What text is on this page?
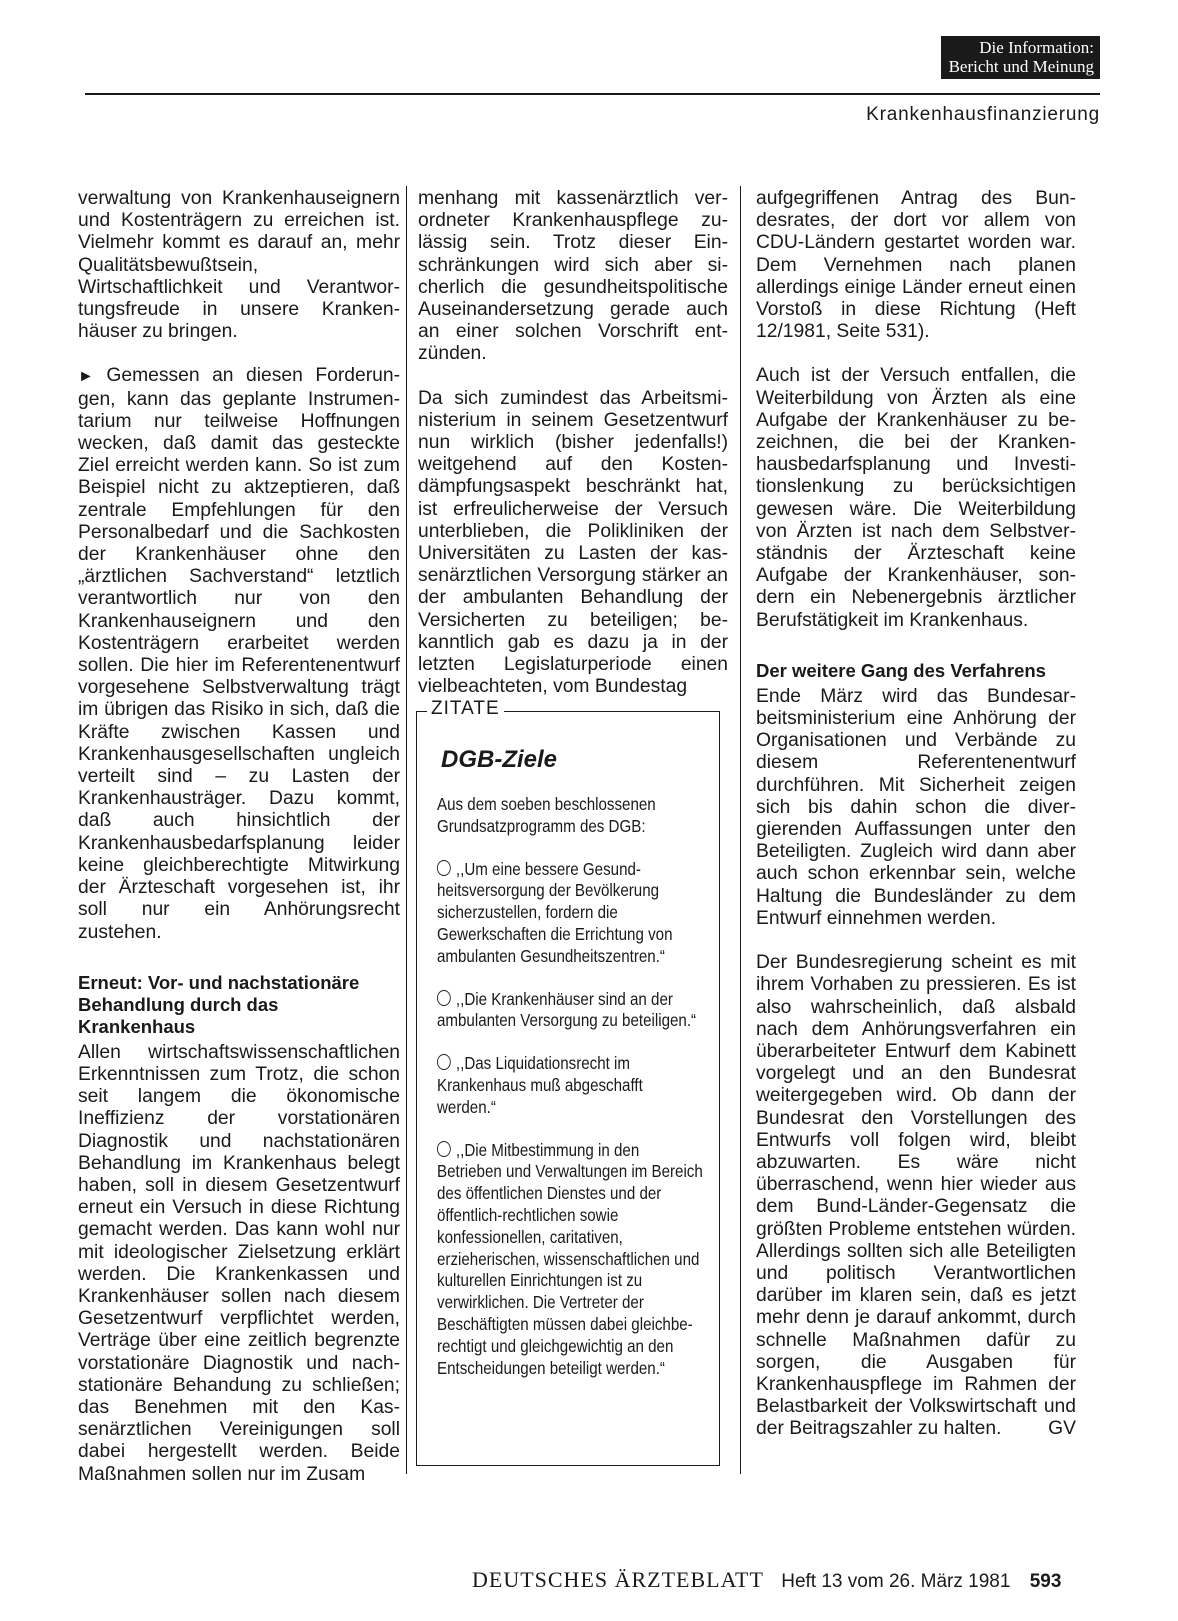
Die Information:
Bericht und Meinung
Krankenhausfinanzierung

verwaltung von Krankenhauseignern und Kostenträgern zu erreichen ist. Vielmehr kommt es darauf an, mehr Qualitätsbewußtsein, Wirtschaftlichkeit und Verantwortungsfreude in unsere Krankenhäuser zu bringen.

► Gemessen an diesen Forderungen, kann das geplante Instrumentarium nur teilweise Hoffnungen wecken, daß damit das gesteckte Ziel erreicht werden kann. So ist zum Beispiel nicht zu aktzeptieren, daß zentrale Empfehlungen für den Personalbedarf und die Sachkosten der Krankenhäuser ohne den „ärztlichen Sachverstand“ letztlich verantwortlich nur von den Krankenhauseignern und den Kostenträgern erarbeitet werden sollen. Die hier im Referentenentwurf vorgesehene Selbstverwaltung trägt im übrigen das Risiko in sich, daß die Kräfte zwischen Kassen und Krankenhausgesellschaften ungleich verteilt sind – zu Lasten der Krankenhausträger. Dazu kommt, daß auch hinsichtlich der Krankenhausbedarfsplanung leider keine gleichberechtigte Mitwirkung der Ärzteschaft vorgesehen ist, ihr soll nur ein Anhörungsrecht zustehen.

Erneut: Vor- und nachstationäre Behandlung durch das Krankenhaus

Allen wirtschaftswissenschaftlichen Erkenntnissen zum Trotz, die schon seit langem die ökonomische Ineffizienz der vorstationären Diagnostik und nachstationären Behandlung im Krankenhaus belegt haben, soll in diesem Gesetzentwurf erneut ein Versuch in diese Richtung gemacht werden. Das kann wohl nur mit ideologischer Zielsetzung erklärt werden. Die Krankenkassen und Krankenhäuser sollen nach diesem Gesetzentwurf verpflichtet werden, Verträge über eine zeitlich begrenzte vorstationäre Diagnostik und nachstationäre Behandung zu schließen; das Benehmen mit den Kassenärztlichen Vereinigungen soll dabei hergestellt werden. Beide Maßnahmen sollen nur im Zusam

menhang mit kassenärztlich verordneter Krankenhauspflege zulässig sein. Trotz dieser Einschränkungen wird sich aber sicherlich die gesundheitspolitische Auseinandersetzung gerade auch an einer solchen Vorschrift entzünden.

Da sich zumindest das Arbeitsministerium in seinem Gesetzentwurf nun wirklich (bisher jedenfalls!) weitgehend auf den Kostendämpfungsaspekt beschränkt hat, ist erfreulicherweise der Versuch unterblieben, die Polikliniken der Universitäten zu Lasten der kassenärztlichen Versorgung stärker an der ambulanten Behandlung der Versicherten zu beteiligen; bekanntlich gab es dazu ja in der letzten Legislaturperiode einen vielbeachteten, vom Bundestag

ZITATE
DGB-Ziele

Aus dem soeben beschlossenen Grundsatzprogramm des DGB:

,,Um eine bessere Gesundheitsversorgung der Bevölkerung sicherzustellen, fordern die Gewerkschaften die Errichtung von ambulanten Gesundheitszentren.“

,,Die Krankenhäuser sind an der ambulanten Versorgung zu beteiligen.“

,,Das Liquidationsrecht im Krankenhaus muß abgeschafft werden.“

,,Die Mitbestimmung in den Betrieben und Verwaltungen im Bereich des öffentlichen Dienstes und der öffentlich-rechtlichen sowie konfessionellen, caritativen, erzieherischen, wissenschaftlichen und kulturellen Einrichtungen ist zu verwirklichen. Die Vertreter der Beschäftigten müssen dabei gleichberechtigt und gleichgewichtig an den Entscheidungen beteiligt werden.“

aufgegriffenen Antrag des Bundesrates, der dort vor allem von CDU-Ländern gestartet worden war. Dem Vernehmen nach planen allerdings einige Länder erneut einen Vorstoß in diese Richtung (Heft 12/1981, Seite 531).

Auch ist der Versuch entfallen, die Weiterbildung von Ärzten als eine Aufgabe der Krankenhäuser zu bezeichnen, die bei der Krankenhausbedarfsplanung und Investitionslenkung zu berücksichtigen gewesen wäre. Die Weiterbildung von Ärzten ist nach dem Selbstverständnis der Ärzteschaft keine Aufgabe der Krankenhäuser, sondern ein Nebenergebnis ärztlicher Berufstätigkeit im Krankenhaus.

Der weitere Gang des Verfahrens

Ende März wird das Bundesarbeitsministerium eine Anhörung der Organisationen und Verbände zu diesem Referentenentwurf durchführen. Mit Sicherheit zeigen sich bis dahin schon die divergierenden Auffassungen unter den Beteiligten. Zugleich wird dann aber auch schon erkennbar sein, welche Haltung die Bundesländer zu dem Entwurf einnehmen werden.

Der Bundesregierung scheint es mit ihrem Vorhaben zu pressieren. Es ist also wahrscheinlich, daß alsbald nach dem Anhörungsverfahren ein überarbeiteter Entwurf dem Kabinett vorgelegt und an den Bundesrat weitergegeben wird. Ob dann der Bundesrat den Vorstellungen des Entwurfs voll folgen wird, bleibt abzuwarten. Es wäre nicht überraschend, wenn hier wieder aus dem Bund-Länder-Gegensatz die größten Probleme entstehen würden. Allerdings sollten sich alle Beteiligten und politisch Verantwortlichen darüber im klaren sein, daß es jetzt mehr denn je darauf ankommt, durch schnelle Maßnahmen dafür zu sorgen, die Ausgaben für Krankenhauspflege im Rahmen der Belastbarkeit der Volkswirtschaft und der Beitragszahler zu halten. GV

DEUTSCHES ÄRZTEBLATT Heft 13 vom 26. März 1981 593
